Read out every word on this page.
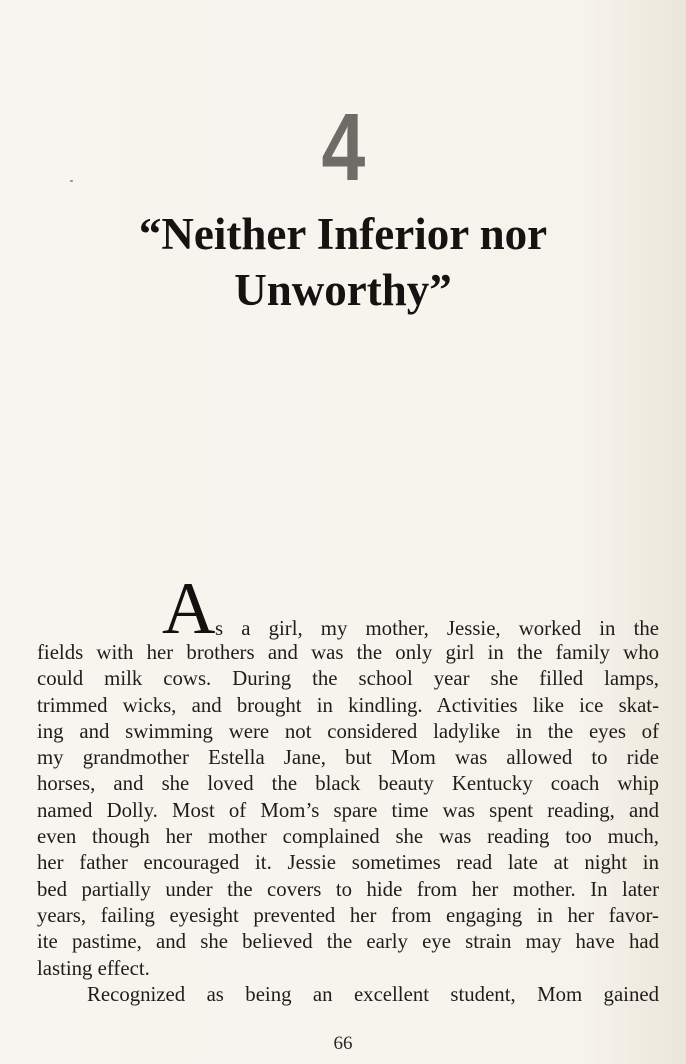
4
“Neither Inferior nor
Unworthy”
A s a girl, my mother, Jessie, worked in the
fields with her brothers and was the only girl in the family who
could milk cows. During the school year she filled lamps,
trimmed wicks, and brought in kindling. Activities like ice skat-
ing and swimming were not considered ladylike in the eyes of
my grandmother Estella Jane, but Mom was allowed to ride
horses, and she loved the black beauty Kentucky coach whip
named Dolly. Most of Mom’s spare time was spent reading, and
even though her mother complained she was reading too much,
her father encouraged it. Jessie sometimes read late at night in
bed partially under the covers to hide from her mother. In later
years, failing eyesight prevented her from engaging in her favor-
ite pastime, and she believed the early eye strain may have had
lasting effect.
Recognized as being an excellent student, Mom gained
66
